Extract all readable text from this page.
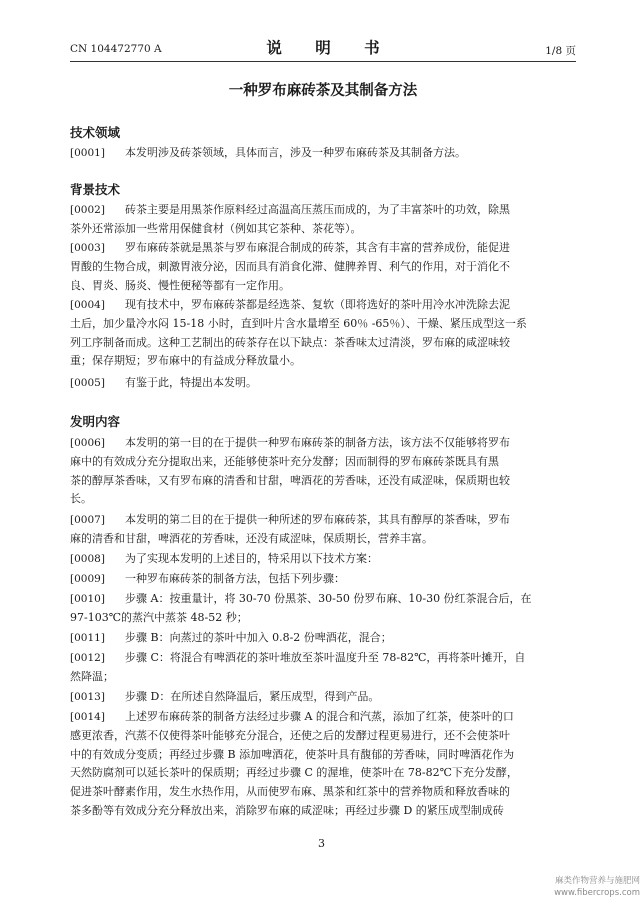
CN 104472770 A	说 明 书	1/8 页
一种罗布麻砖茶及其制备方法
技术领域
[0001]	本发明涉及砖茶领域，具体而言，涉及一种罗布麻砖茶及其制备方法。
背景技术
[0002]	砖茶主要是用黑茶作原料经过高温高压蒸压而成的，为了丰富茶叶的功效，除黑
茶外还常添加一些常用保健食材（例如其它茶种、茶花等）。
[0003]	罗布麻砖茶就是黑茶与罗布麻混合制成的砖茶，其含有丰富的营养成份，能促进
胃酸的生物合成，刺激胃液分泌，因而具有消食化滞、健脾养胃、利气的作用，对于消化不
良、胃炎、肠炎、慢性便秘等都有一定作用。
[0004]	现有技术中，罗布麻砖茶都是经选茶、复软（即将选好的茶叶用冷水冲洗除去泥
土后，加少量冷水闷 15-18 小时，直到叶片含水量增至 60％ -65％）、干燥、紧压成型这一系
列工序制备而成。这种工艺制出的砖茶存在以下缺点：茶香味太过清淡，罗布麻的咸涩味较
重；保存期短；罗布麻中的有益成分释放量小。
[0005]	有鉴于此，特提出本发明。
发明内容
[0006]	本发明的第一目的在于提供一种罗布麻砖茶的制备方法，该方法不仅能够将罗布
麻中的有效成分充分提取出来，还能够使茶叶充分发酵；因而制得的罗布麻砖茶既具有黑
茶的醇厚茶香味，又有罗布麻的清香和甘甜，啤酒花的芳香味，还没有咸涩味，保质期也较
长。
[0007]	本发明的第二目的在于提供一种所述的罗布麻砖茶，其具有醇厚的茶香味，罗布
麻的清香和甘甜，啤酒花的芳香味，还没有咸涩味，保质期长，营养丰富。
[0008]	为了实现本发明的上述目的，特采用以下技术方案：
[0009]	一种罗布麻砖茶的制备方法，包括下列步骤：
[0010]	步骤 A：按重量计，将 30-70 份黑茶、30-50 份罗布麻、10-30 份红茶混合后，在
97-103℃的蒸汽中蒸茶 48-52 秒；
[0011]	步骤 B：向蒸过的茶叶中加入 0.8-2 份啤酒花，混合；
[0012]	步骤 C：将混合有啤酒花的茶叶堆放至茶叶温度升至 78-82℃，再将茶叶摊开，自
然降温；
[0013]	步骤 D：在所述自然降温后，紧压成型，得到产品。
[0014]	上述罗布麻砖茶的制备方法经过步骤 A 的混合和汽蒸，添加了红茶，使茶叶的口
感更浓香，汽蒸不仅使得茶叶能够充分混合，还使之后的发酵过程更易进行，还不会使茶叶
中的有效成分变质；再经过步骤 B 添加啤酒花，使茶叶具有馥郁的芳香味，同时啤酒花作为
天然防腐剂可以延长茶叶的保质期；再经过步骤 C 的渥堆，使茶叶在 78-82℃下充分发酵，
促进茶叶酵素作用，发生水热作用，从而使罗布麻、黑茶和红茶中的营养物质和释放香味的
茶多酚等有效成分充分释放出来，消除罗布麻的咸涩味；再经过步骤 D 的紧压成型制成砖
3
麻类作物营养与施肥网
www.fibercrops.com
